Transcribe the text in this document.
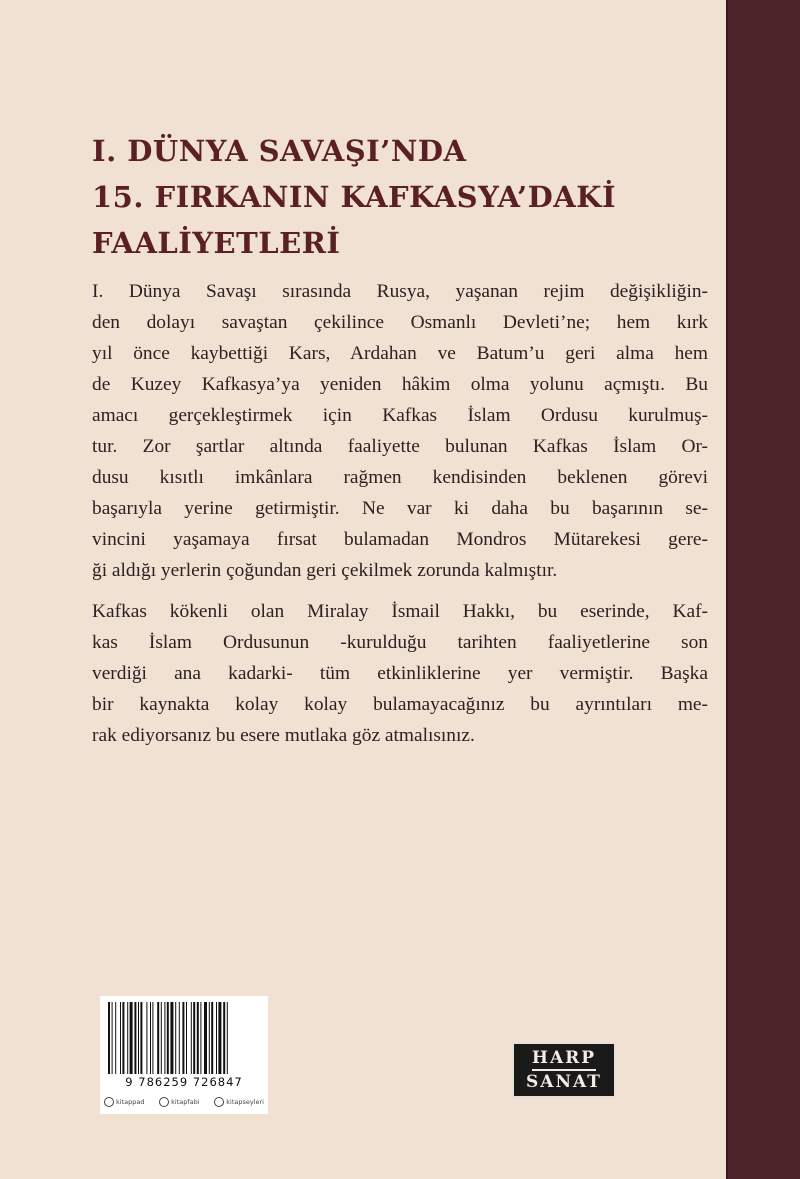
I. DÜNYA SAVAŞI’NDA
15. FIRKANIN KAFKASYA’DAKİ
FAALİYETLERİ

I. Dünya Savaşı sırasında Rusya, yaşanan rejim değişikliğin-
den dolayı savaştan çekilince Osmanlı Devleti’ne; hem kırk
yıl önce kaybettiği Kars, Ardahan ve Batum’u geri alma hem
de Kuzey Kafkasya’ya yeniden hâkim olma yolunu açmıştı. Bu
amacı gerçekleştirmek için Kafkas İslam Ordusu kurulmuş-
tur. Zor şartlar altında faaliyette bulunan Kafkas İslam Or-
dusu kısıtlı imkânlara rağmen kendisinden beklenen görevi
başarıyla yerine getirmiştir. Ne var ki daha bu başarının se-
vincini yaşamaya fırsat bulamadan Mondros Mütarekesi gere-
ği aldığı yerlerin çoğundan geri çekilmek zorunda kalmıştır.

Kafkas kökenli olan Miralay İsmail Hakkı, bu eserinde, Kaf-
kas İslam Ordusunun -kurulduğu tarihten faaliyetlerine son
verdiği ana kadarki- tüm etkinliklerine yer vermiştir. Başka
bir kaynakta kolay kolay bulamayacağınız bu ayrıntıları me-
rak ediyorsanız bu esere mutlaka göz atmalısınız.

9 786259 726847
kitappad	kitapfabi	kitapseyleri
HARP
SANAT
